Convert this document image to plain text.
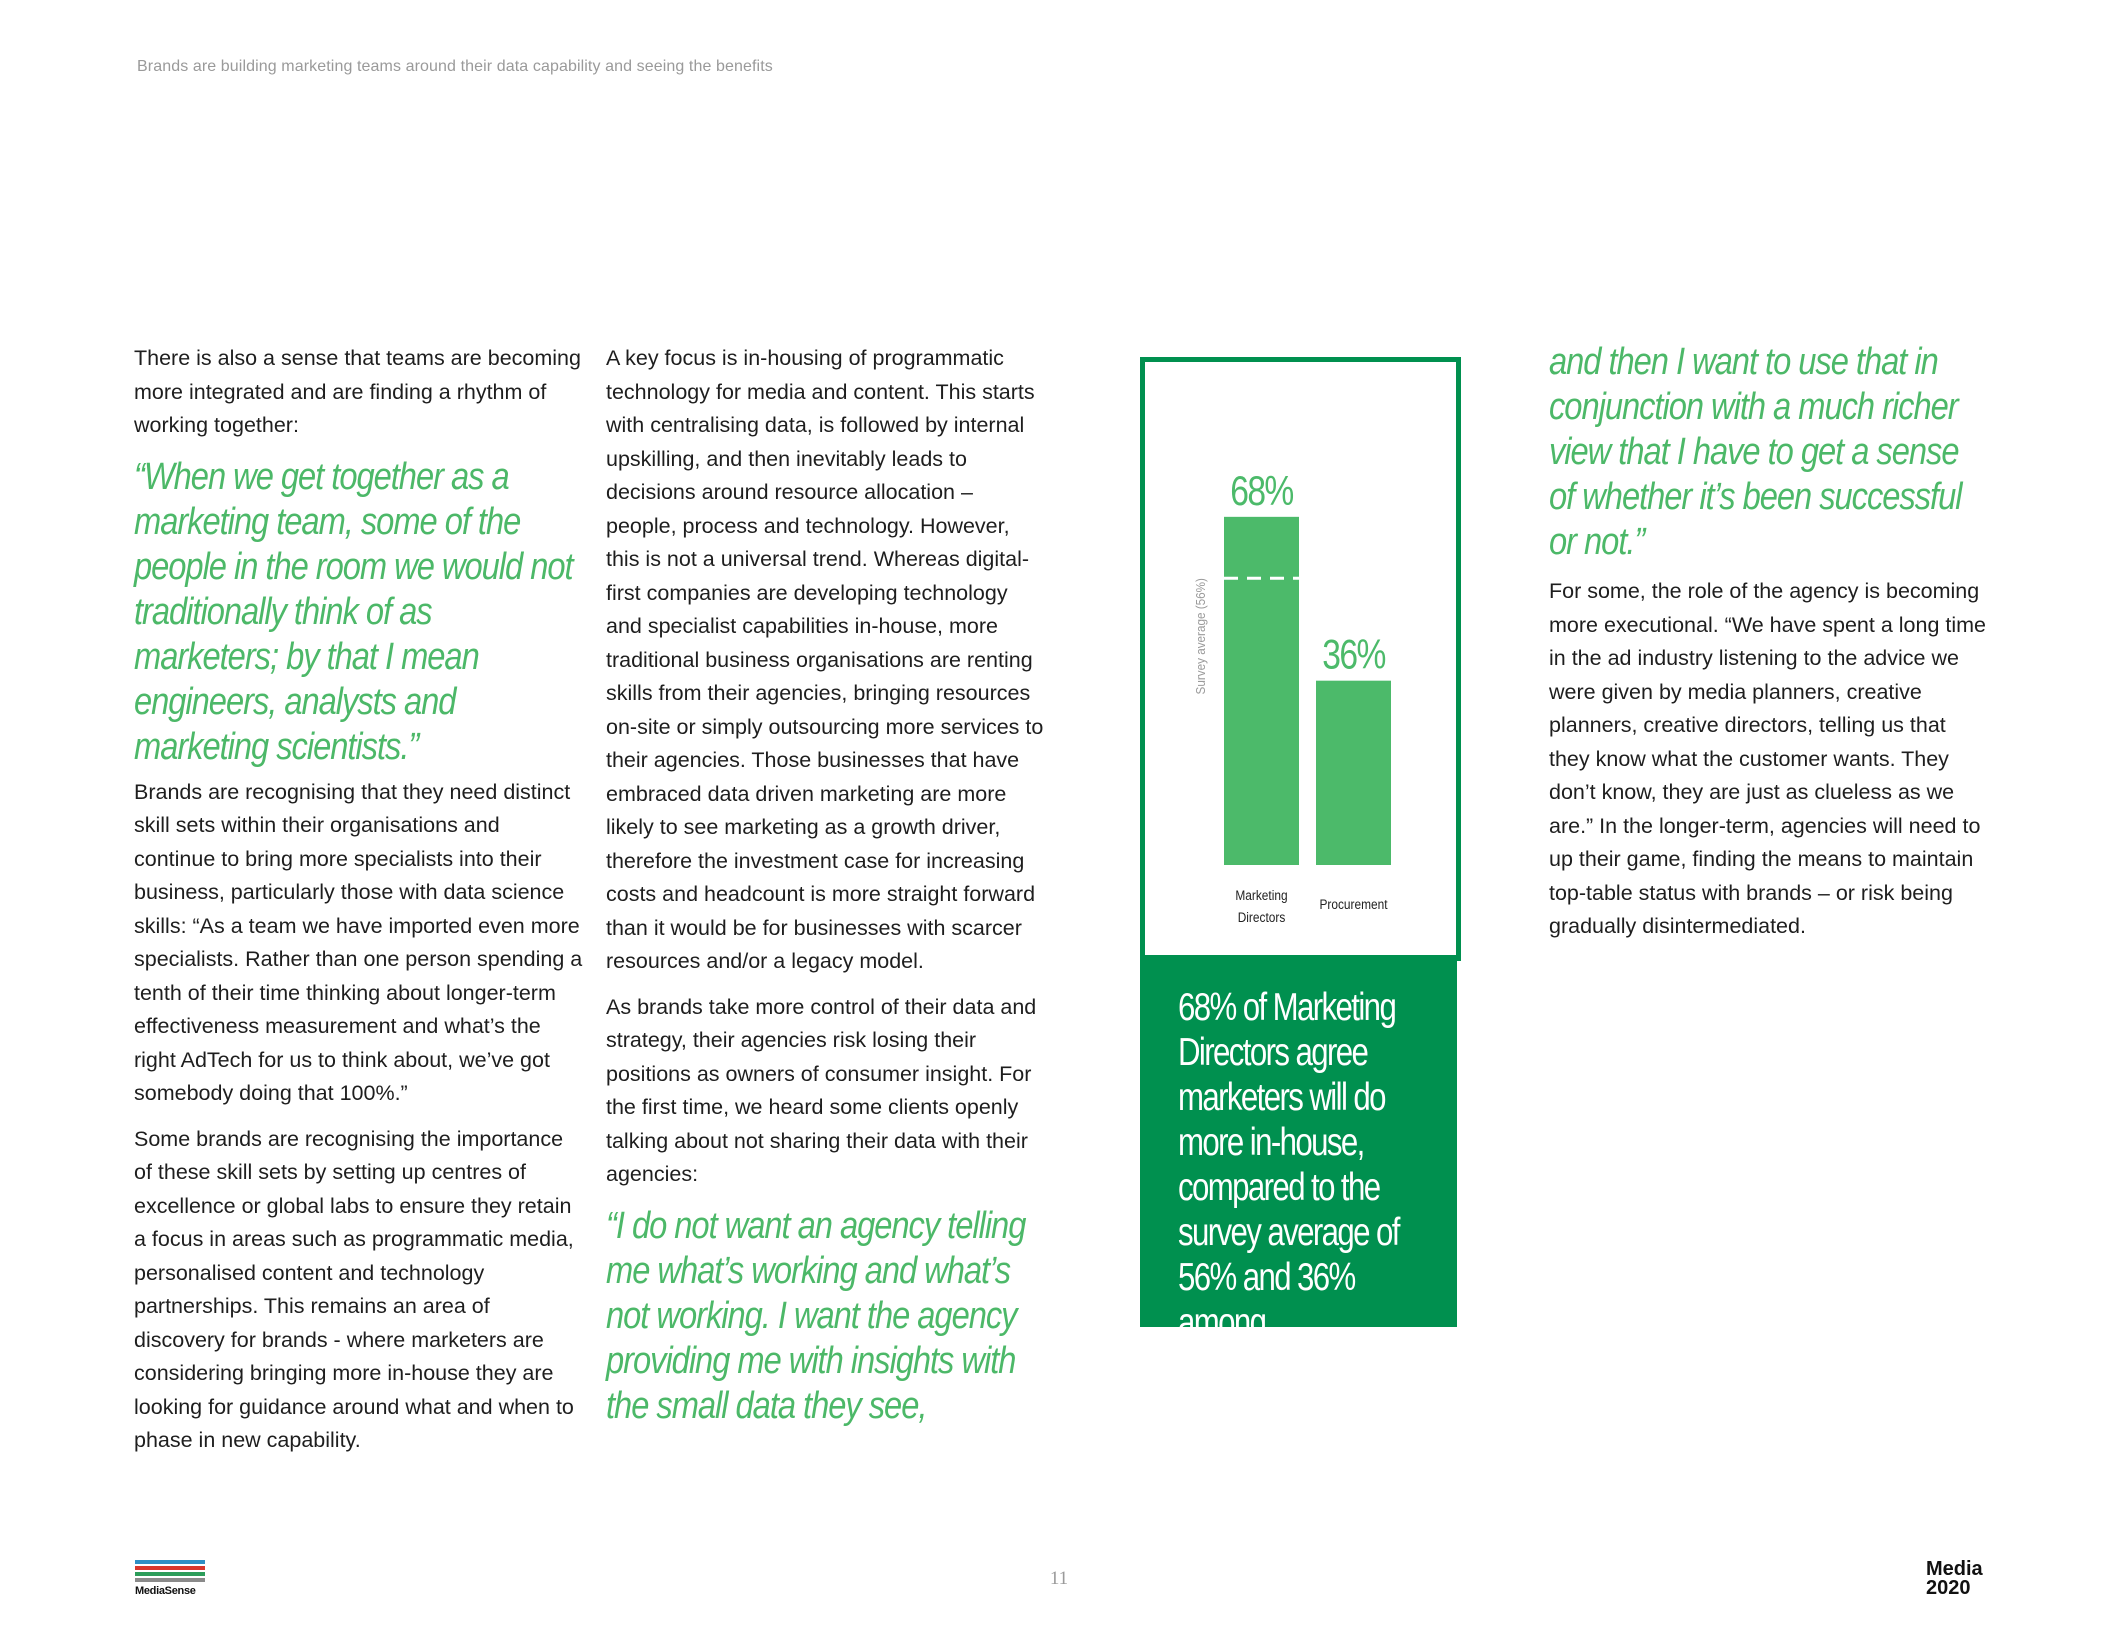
Brands are building marketing teams around their data capability and seeing the benefits

There is also a sense that teams are becoming more integrated and are finding a rhythm of working together:

“When we get together as a marketing team, some of the people in the room we would not traditionally think of as marketers; by that I mean engineers, analysts and marketing scientists.”

Brands are recognising that they need distinct skill sets within their organisations and continue to bring more specialists into their business, particularly those with data science skills: “As a team we have imported even more specialists. Rather than one person spending a tenth of their time thinking about longer-term effectiveness measurement and what’s the right AdTech for us to think about, we’ve got somebody doing that 100%.”

Some brands are recognising the importance of these skill sets by setting up centres of excellence or global labs to ensure they retain a focus in areas such as programmatic media, personalised content and technology partnerships. This remains an area of discovery for brands - where marketers are considering bringing more in-house they are looking for guidance around what and when to phase in new capability.

A key focus is in-housing of programmatic technology for media and content. This starts with centralising data, is followed by internal upskilling, and then inevitably leads to decisions around resource allocation – people, process and technology. However, this is not a universal trend. Whereas digital-first companies are developing technology and specialist capabilities in-house, more traditional business organisations are renting skills from their agencies, bringing resources on-site or simply outsourcing more services to their agencies. Those businesses that have embraced data driven marketing are more likely to see marketing as a growth driver, therefore the investment case for increasing costs and headcount is more straight forward than it would be for businesses with scarcer resources and/or a legacy model.

As brands take more control of their data and strategy, their agencies risk losing their positions as owners of consumer insight. For the first time, we heard some clients openly talking about not sharing their data with their agencies:

“I do not want an agency telling me what’s working and what’s not working. I want the agency providing me with insights with the small data they see,

68%
Marketing
Directors
36%
Procurement
Survey average (56%)
68% of Marketing Directors agree marketers will do more in-house, compared to the survey average of 56% and 36% among procurement.

and then I want to use that in conjunction with a much richer view that I have to get a sense of whether it’s been successful or not.”

For some, the role of the agency is becoming more executional. “We have spent a long time in the ad industry listening to the advice we were given by media planners, creative planners, creative directors, telling us that they know what the customer wants. They don’t know, they are just as clueless as we are.” In the longer-term, agencies will need to up their game, finding the means to maintain top-table status with brands – or risk being gradually disintermediated.

MediaSense
11	Media
2020
